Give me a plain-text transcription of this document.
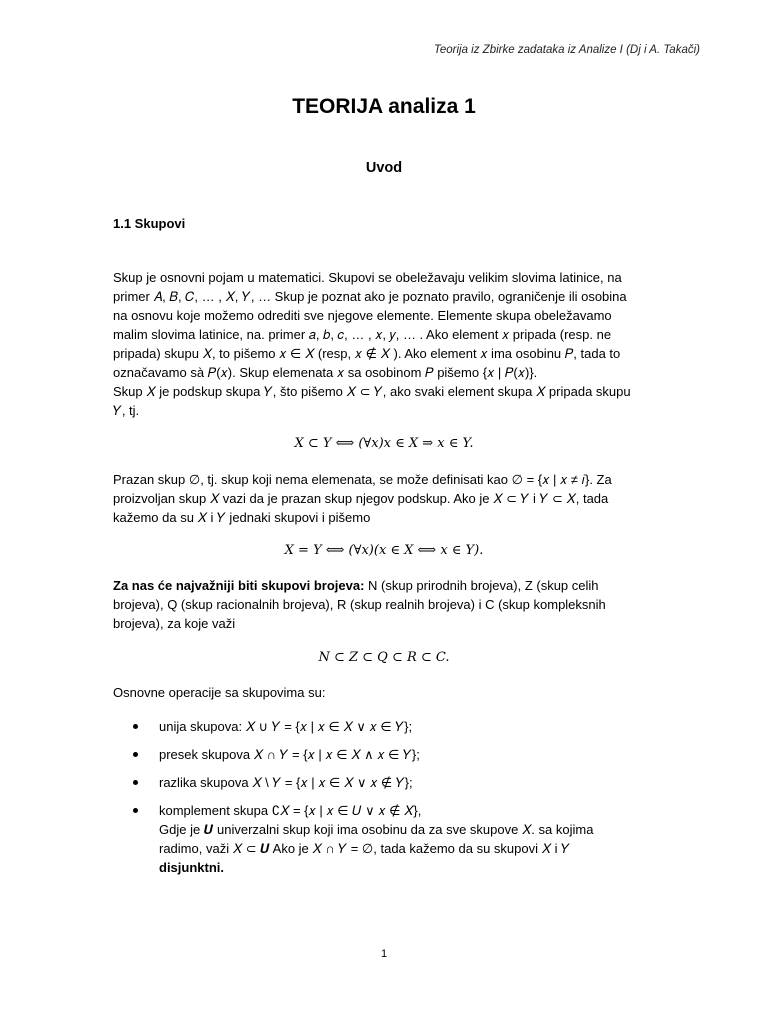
Teorija iz Zbirke zadataka iz Analize I (Dj i A. Takači)
TEORIJA analiza 1
Uvod
1.1 Skupovi
Skup je osnovni pojam u matematici. Skupovi se obeležavaju velikim slovima latinice, na
primer 𝐴, 𝐵, 𝐶, … , 𝑋, 𝑌, … Skup je poznat ako je poznato pravilo, ograničenje ili osobina
na osnovu koje možemo odrediti sve njegove elemente. Elemente skupa obeležavamo
malim slovima latinice, na. primer 𝑎, 𝑏, 𝑐, … , 𝑥, 𝑦, … . Ako element 𝑥 pripada (resp. ne
pripada) skupu 𝑋, to pišemo 𝑥 ∈ 𝑋 (resp, 𝑥 ∉ 𝑋 ). Ako element 𝑥 ima osobinu 𝑃, tada to
označavamo sà 𝑃(𝑥). Skup elemenata 𝑥 sa osobinom 𝑃 pišemo {𝑥 | 𝑃(𝑥)}.
Skup 𝑋 je podskup skupa 𝑌, što pišemo 𝑋 ⊂ 𝑌, ako svaki element skupa 𝑋 pripada skupu
𝑌, tj.
X ⊂ Y ⟺ (∀x)x ∈ X ⇒ x ∈ Y.
Prazan skup ∅, tj. skup koji nema elemenata, se može definisati kao ∅ = {𝑥 | 𝑥 ≠ 𝑖}. Za
proizvoljan skup 𝑋 vazi da je prazan skup njegov podskup. Ako je 𝑋 ⊂ 𝑌 i 𝑌 ⊂ 𝑋, tada
kažemo da su 𝑋 i 𝑌 jednaki skupovi i pišemo
X = Y ⟺ (∀x)(x ∈ X ⟺ x ∈ Y).
Za nas će najvažniji biti skupovi brojeva: N (skup prirodnih brojeva), Z (skup celih
brojeva), Q (skup racionalnih brojeva), R (skup realnih brojeva) i C (skup kompleksnih
brojeva), za koje važi
N ⊂ Z ⊂ Q ⊂ R ⊂ C.
Osnovne operacije sa skupovima su:
unija skupova: 𝑋 ∪ 𝑌 = {𝑥 | 𝑥 ∈ 𝑋 ∨ 𝑥 ∈ 𝑌};
presek skupova 𝑋 ∩ 𝑌 = {𝑥 | 𝑥 ∈ 𝑋 ∧ 𝑥 ∈ 𝑌};
razlika skupova 𝑋 \ 𝑌 = {𝑥 | 𝑥 ∈ 𝑋 ∨ 𝑥 ∉ 𝑌};
komplement skupa ∁𝑋 = {𝑥 | 𝑥 ∈ 𝑈 ∨ 𝑥 ∉ 𝑋},
Gdje je 𝑼 univerzalni skup koji ima osobinu da za sve skupove 𝑋. sa kojima
radimo, važi 𝑋 ⊂ 𝑼 Ako je 𝑋 ∩ 𝑌 = ∅, tada kažemo da su skupovi 𝑋 i 𝑌
disjunktni.
1
